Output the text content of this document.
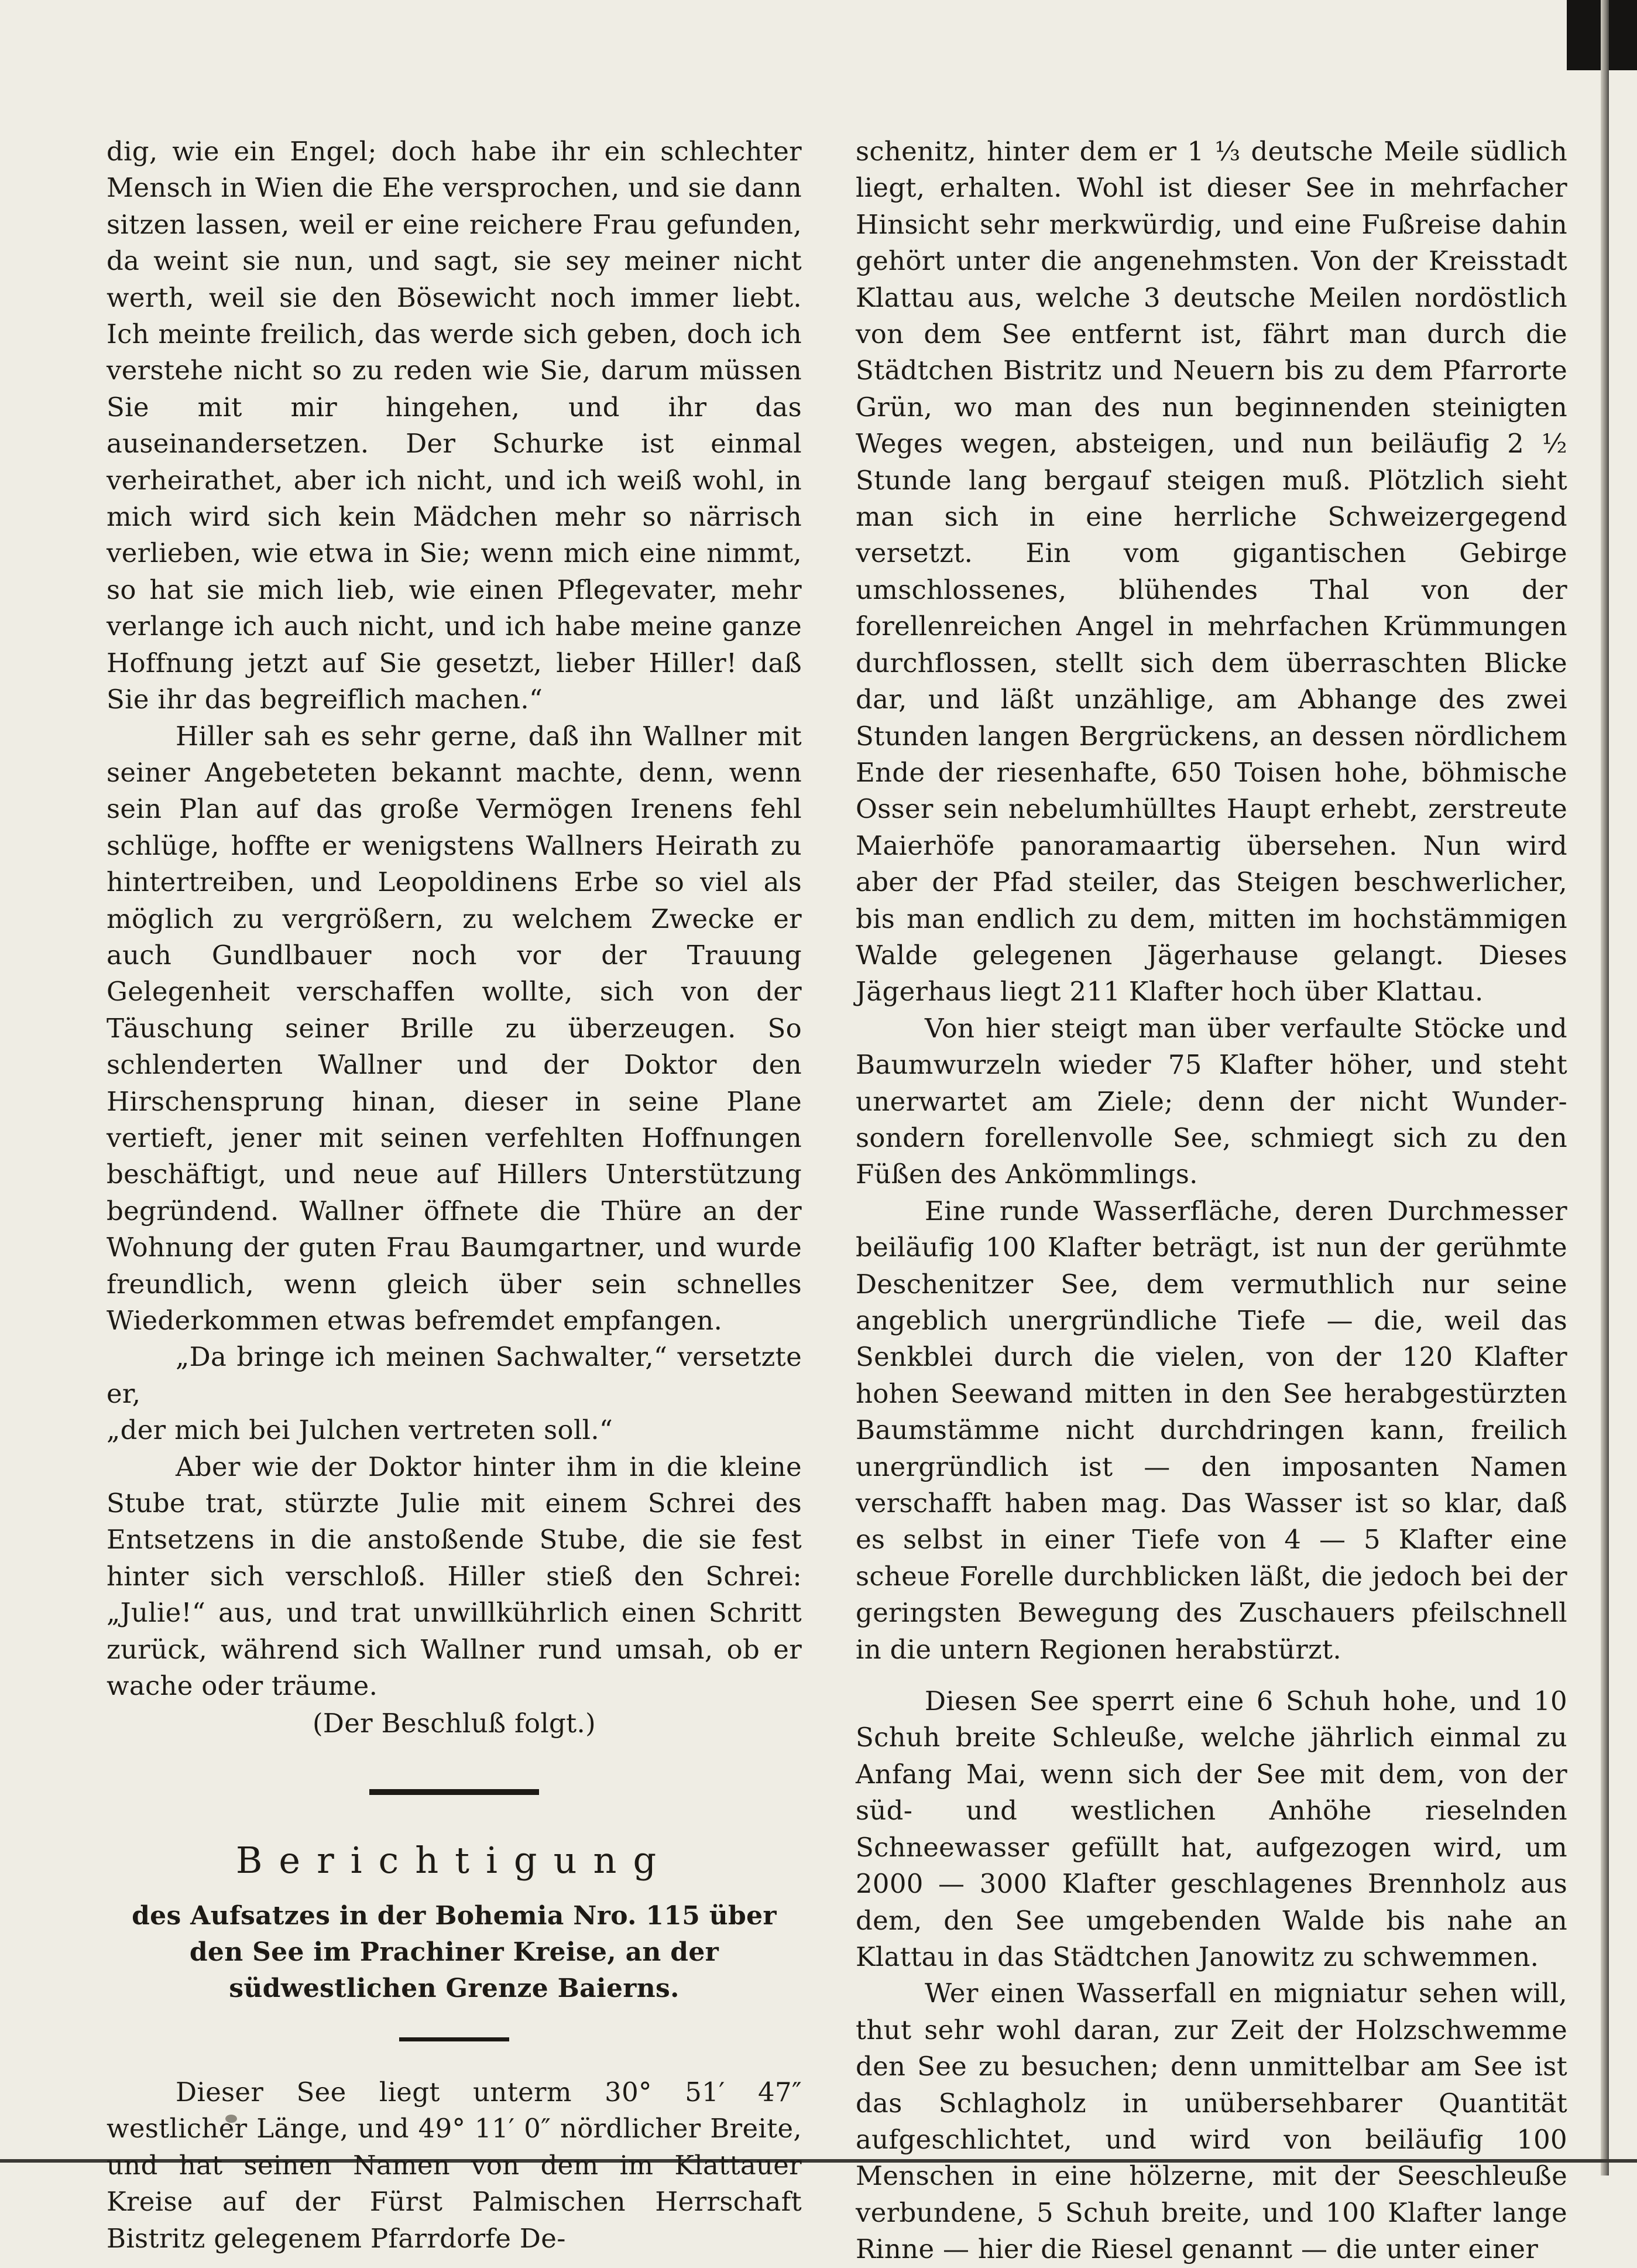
dig, wie ein Engel; doch habe ihr ein schlechter Mensch in Wien die Ehe versprochen, und sie dann sitzen lassen, weil er eine reichere Frau gefunden, da weint sie nun, und sagt, sie sey meiner nicht werth, weil sie den Bösewicht noch immer liebt. Ich meinte freilich, das werde sich geben, doch ich verstehe nicht so zu reden wie Sie, darum müssen Sie mit mir hingehen, und ihr das auseinandersetzen. Der Schurke ist einmal verheirathet, aber ich nicht, und ich weiß wohl, in mich wird sich kein Mädchen mehr so närrisch verlieben, wie etwa in Sie; wenn mich eine nimmt, so hat sie mich lieb, wie einen Pflegevater, mehr verlange ich auch nicht, und ich habe meine ganze Hoffnung jetzt auf Sie gesetzt, lieber Hiller! daß Sie ihr das begreiflich machen.“

Hiller sah es sehr gerne, daß ihn Wallner mit seiner Angebeteten bekannt machte, denn, wenn sein Plan auf das große Vermögen Irenens fehl schlüge, hoffte er wenigstens Wallners Heirath zu hintertreiben, und Leopoldinens Erbe so viel als möglich zu vergrößern, zu welchem Zwecke er auch Gundlbauer noch vor der Trauung Gelegenheit verschaffen wollte, sich von der Täuschung seiner Brille zu überzeugen. So schlenderten Wallner und der Doktor den Hirschensprung hinan, dieser in seine Plane vertieft, jener mit seinen verfehlten Hoffnungen beschäftigt, und neue auf Hillers Unterstützung begründend. Wallner öffnete die Thüre an der Wohnung der guten Frau Baumgartner, und wurde freundlich, wenn gleich über sein schnelles Wiederkommen etwas befremdet empfangen.

„Da bringe ich meinen Sachwalter,“ versetzte er,

„der mich bei Julchen vertreten soll.“

Aber wie der Doktor hinter ihm in die kleine Stube trat, stürzte Julie mit einem Schrei des Entsetzens in die anstoßende Stube, die sie fest hinter sich verschloß. Hiller stieß den Schrei: „Julie!“ aus, und trat unwillkührlich einen Schritt zurück, während sich Wallner rund umsah, ob er wache oder träume.

(Der Beschluß folgt.)

Berichtigung

des Aufsatzes in der Bohemia Nro. 115 über den See im Prachiner Kreise, an der südwestlichen Grenze Baierns.

Dieser See liegt unterm 30° 51′ 47″ westlicher Länge, und 49° 11′ 0″ nördlicher Breite, und hat seinen Namen von dem im Klattauer Kreise auf der Fürst Palmischen Herrschaft Bistritz gelegenem Pfarrdorfe De-

schenitz, hinter dem er 1 ⅓ deutsche Meile südlich liegt, erhalten. Wohl ist dieser See in mehrfacher Hinsicht sehr merkwürdig, und eine Fußreise dahin gehört unter die angenehmsten. Von der Kreisstadt Klattau aus, welche 3 deutsche Meilen nordöstlich von dem See entfernt ist, fährt man durch die Städtchen Bistritz und Neuern bis zu dem Pfarrorte Grün, wo man des nun beginnenden steinigten Weges wegen, absteigen, und nun beiläufig 2 ½ Stunde lang bergauf steigen muß. Plötzlich sieht man sich in eine herrliche Schweizergegend versetzt. Ein vom gigantischen Gebirge umschlossenes, blühendes Thal von der forellenreichen Angel in mehrfachen Krümmungen durchflossen, stellt sich dem überraschten Blicke dar, und läßt unzählige, am Abhange des zwei Stunden langen Bergrückens, an dessen nördlichem Ende der riesenhafte, 650 Toisen hohe, böhmische Osser sein nebelumhülltes Haupt erhebt, zerstreute Maierhöfe panoramaartig übersehen. Nun wird aber der Pfad steiler, das Steigen beschwerlicher, bis man endlich zu dem, mitten im hochstämmigen Walde gelegenen Jägerhause gelangt. Dieses Jägerhaus liegt 211 Klafter hoch über Klattau.

Von hier steigt man über verfaulte Stöcke und Baumwurzeln wieder 75 Klafter höher, und steht unerwartet am Ziele; denn der nicht Wunder- sondern forellenvolle See, schmiegt sich zu den Füßen des Ankömmlings.

Eine runde Wasserfläche, deren Durchmesser beiläufig 100 Klafter beträgt, ist nun der gerühmte Deschenitzer See, dem vermuthlich nur seine angeblich unergründliche Tiefe — die, weil das Senkblei durch die vielen, von der 120 Klafter hohen Seewand mitten in den See herabgestürzten Baumstämme nicht durchdringen kann, freilich unergründlich ist — den imposanten Namen verschafft haben mag. Das Wasser ist so klar, daß es selbst in einer Tiefe von 4 — 5 Klafter eine scheue Forelle durchblicken läßt, die jedoch bei der geringsten Bewegung des Zuschauers pfeilschnell in die untern Regionen herabstürzt.

Diesen See sperrt eine 6 Schuh hohe, und 10 Schuh breite Schleuße, welche jährlich einmal zu Anfang Mai, wenn sich der See mit dem, von der süd- und westlichen Anhöhe rieselnden Schneewasser gefüllt hat, aufgezogen wird, um 2000 — 3000 Klafter geschlagenes Brennholz aus dem, den See umgebenden Walde bis nahe an Klattau in das Städtchen Janowitz zu schwemmen.

Wer einen Wasserfall en migniatur sehen will, thut sehr wohl daran, zur Zeit der Holzschwemme den See zu besuchen; denn unmittelbar am See ist das Schlagholz in unübersehbarer Quantität aufgeschlichtet, und wird von beiläufig 100 Menschen in eine hölzerne, mit der Seeschleuße verbundene, 5 Schuh breite, und 100 Klafter lange Rinne — hier die Riesel genannt — die unter einer
